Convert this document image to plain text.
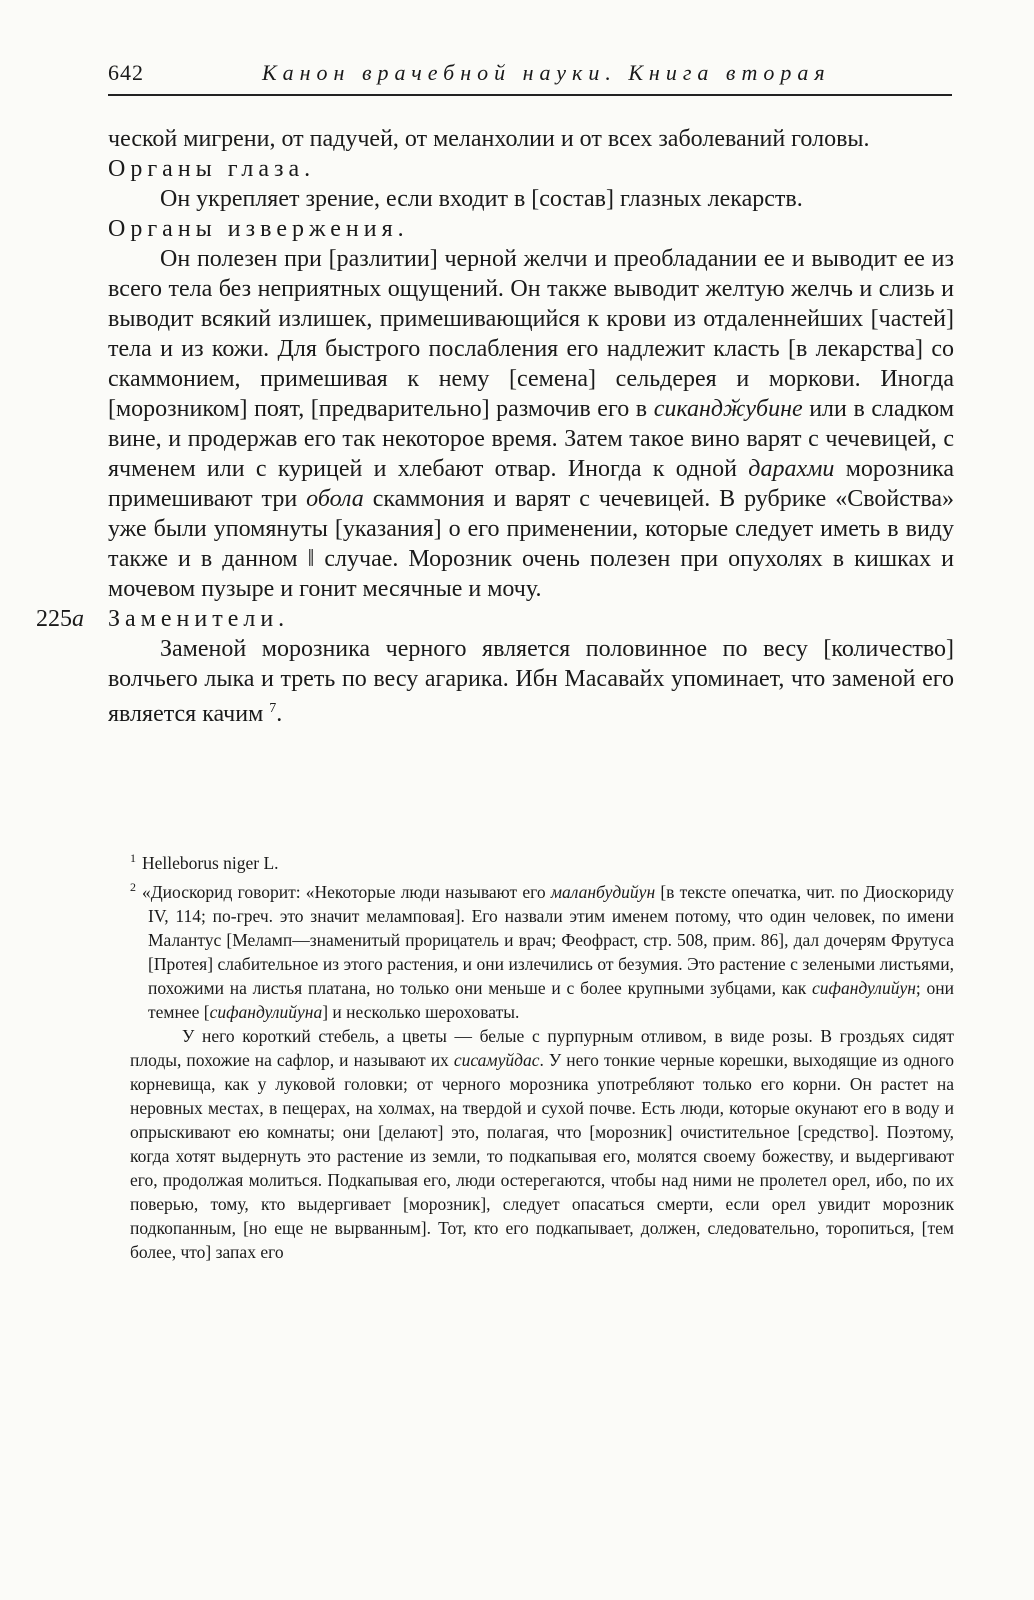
642	Канон врачебной науки. Книга вторая
225а

ческой мигрени, от падучей, от меланхолии и от всех заболеваний головы.

Органы глаза.

Он укрепляет зрение, если входит в [состав] глазных лекарств.

Органы извержения.

Он полезен при [разлитии] черной желчи и преобладании ее и выводит ее из всего тела без неприятных ощущений. Он также выводит желтую желчь и слизь и выводит всякий излишек, примешивающийся к крови из отдаленнейших [частей] тела и из кожи. Для быстрого послабления его надлежит класть [в лекарства] со скаммонием, примешивая к нему [семена] сельдерея и моркови. Иногда [морозником] поят, [предварительно] размочив его в сикандӂубине или в сладком вине, и продержав его так некоторое время. Затем такое вино варят с чечевицей, с ячменем или с курицей и хлебают отвар. Иногда к одной дарахми морозника примешивают три обола скаммония и варят с чечевицей. В рубрике «Свойства» уже были упомянуты [указания] о его применении, которые следует иметь в виду также и в данном ‖ случае. Морозник очень полезен при опухолях в кишках и мочевом пузыре и гонит месячные и мочу.

Заменители.

Заменой морозника черного является половинное по весу [количество] волчьего лыка и треть по весу агарика. Ибн Масавайх упоминает, что заменой его является качим $^7$.

$^1$ Helleborus niger L.

$^2$ «Диоскорид говорит: «Некоторые люди называют его маланбудийун [в тексте опечатка, чит. по Диоскориду IV, 114; по-греч. это значит меламповая]. Его назвали этим именем потому, что один человек, по имени Малантус [Меламп—знаменитый прорицатель и врач; Феофраст, стр. 508, прим. 86], дал дочерям Фрутуса [Протея] слабительное из этого растения, и они излечились от безумия. Это растение с зелеными листьями, похожими на листья платана, но только они меньше и с более крупными зубцами, как сифандулийун; они темнее [сифандулийуна] и несколько шероховаты.

У него короткий стебель, а цветы — белые с пурпурным отливом, в виде розы. В гроздьях сидят плоды, похожие на сафлор, и называют их сисамуйдас. У него тонкие черные корешки, выходящие из одного корневища, как у луковой головки; от черного морозника употребляют только его корни. Он растет на неровных местах, в пещерах, на холмах, на твердой и сухой почве. Есть люди, которые окунают его в воду и опрыскивают ею комнаты; они [делают] это, полагая, что [морозник] очистительное [средство]. Поэтому, когда хотят выдернуть это растение из земли, то подкапывая его, молятся своему божеству, и выдергивают его, продолжая молиться. Подкапывая его, люди остерегаются, чтобы над ними не пролетел орел, ибо, по их поверью, тому, кто выдергивает [морозник], следует опасаться смерти, если орел увидит морозник подкопанным, [но еще не вырванным]. Тот, кто его подкапывает, должен, следовательно, торопиться, [тем более, что] запах его
